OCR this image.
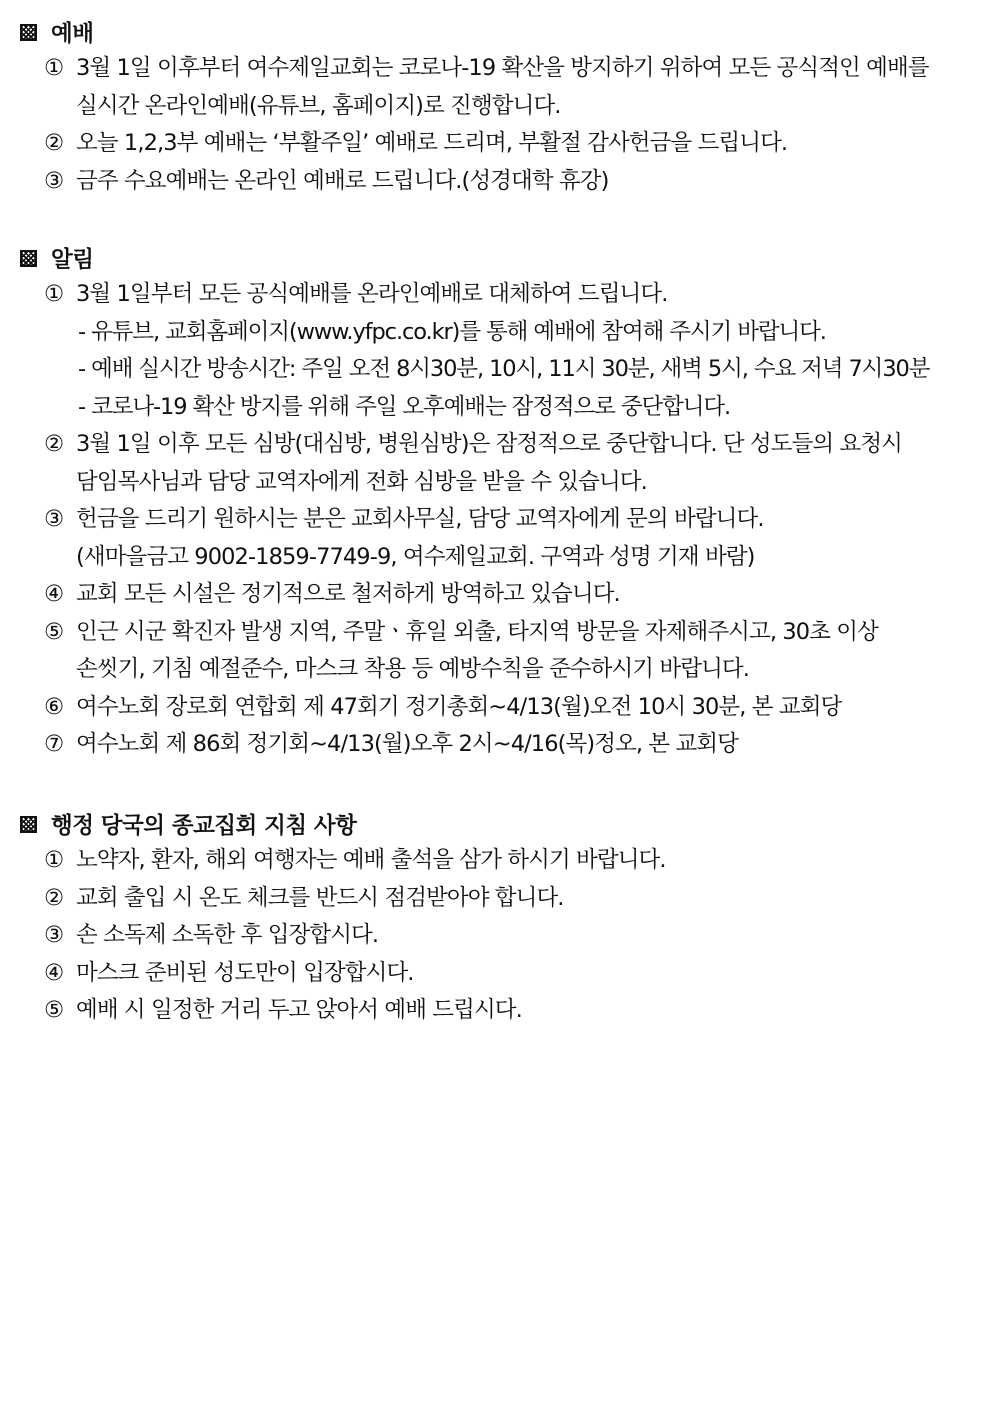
예배
① 3월 1일 이후부터 여수제일교회는 코로나-19 확산을 방지하기 위하여 모든 공식적인 예배를
실시간 온라인예배(유튜브, 홈페이지)로 진행합니다.
② 오늘 1,2,3부 예배는 ‘부활주일’ 예배로 드리며, 부활절 감사헌금을 드립니다.
③ 금주 수요예배는 온라인 예배로 드립니다.(성경대학 휴강)
알림
① 3월 1일부터 모든 공식예배를 온라인예배로 대체하여 드립니다.
- 유튜브, 교회홈페이지(www.yfpc.co.kr)를 통해 예배에 참여해 주시기 바랍니다.
- 예배 실시간 방송시간: 주일 오전 8시30분, 10시, 11시 30분, 새벽 5시, 수요 저녁 7시30분
- 코로나-19 확산 방지를 위해 주일 오후예배는 잠정적으로 중단합니다.
② 3월 1일 이후 모든 심방(대심방, 병원심방)은 잠정적으로 중단합니다. 단 성도들의 요청시
담임목사님과 담당 교역자에게 전화 심방을 받을 수 있습니다.
③ 헌금을 드리기 원하시는 분은 교회사무실, 담당 교역자에게 문의 바랍니다.
(새마을금고 9002-1859-7749-9, 여수제일교회. 구역과 성명 기재 바람)
④ 교회 모든 시설은 정기적으로 철저하게 방역하고 있습니다.
⑤ 인근 시군 확진자 발생 지역, 주말ㆍ휴일 외출, 타지역 방문을 자제해주시고, 30초 이상
손씻기, 기침 예절준수, 마스크 착용 등 예방수칙을 준수하시기 바랍니다.
⑥ 여수노회 장로회 연합회 제 47회기 정기총회~4/13(월)오전 10시 30분, 본 교회당
⑦ 여수노회 제 86회 정기회~4/13(월)오후 2시~4/16(목)정오, 본 교회당
행정 당국의 종교집회 지침 사항
① 노약자, 환자, 해외 여행자는 예배 출석을 삼가 하시기 바랍니다.
② 교회 출입 시 온도 체크를 반드시 점검받아야 합니다.
③ 손 소독제 소독한 후 입장합시다.
④ 마스크 준비된 성도만이 입장합시다.
⑤ 예배 시 일정한 거리 두고 앉아서 예배 드립시다.
